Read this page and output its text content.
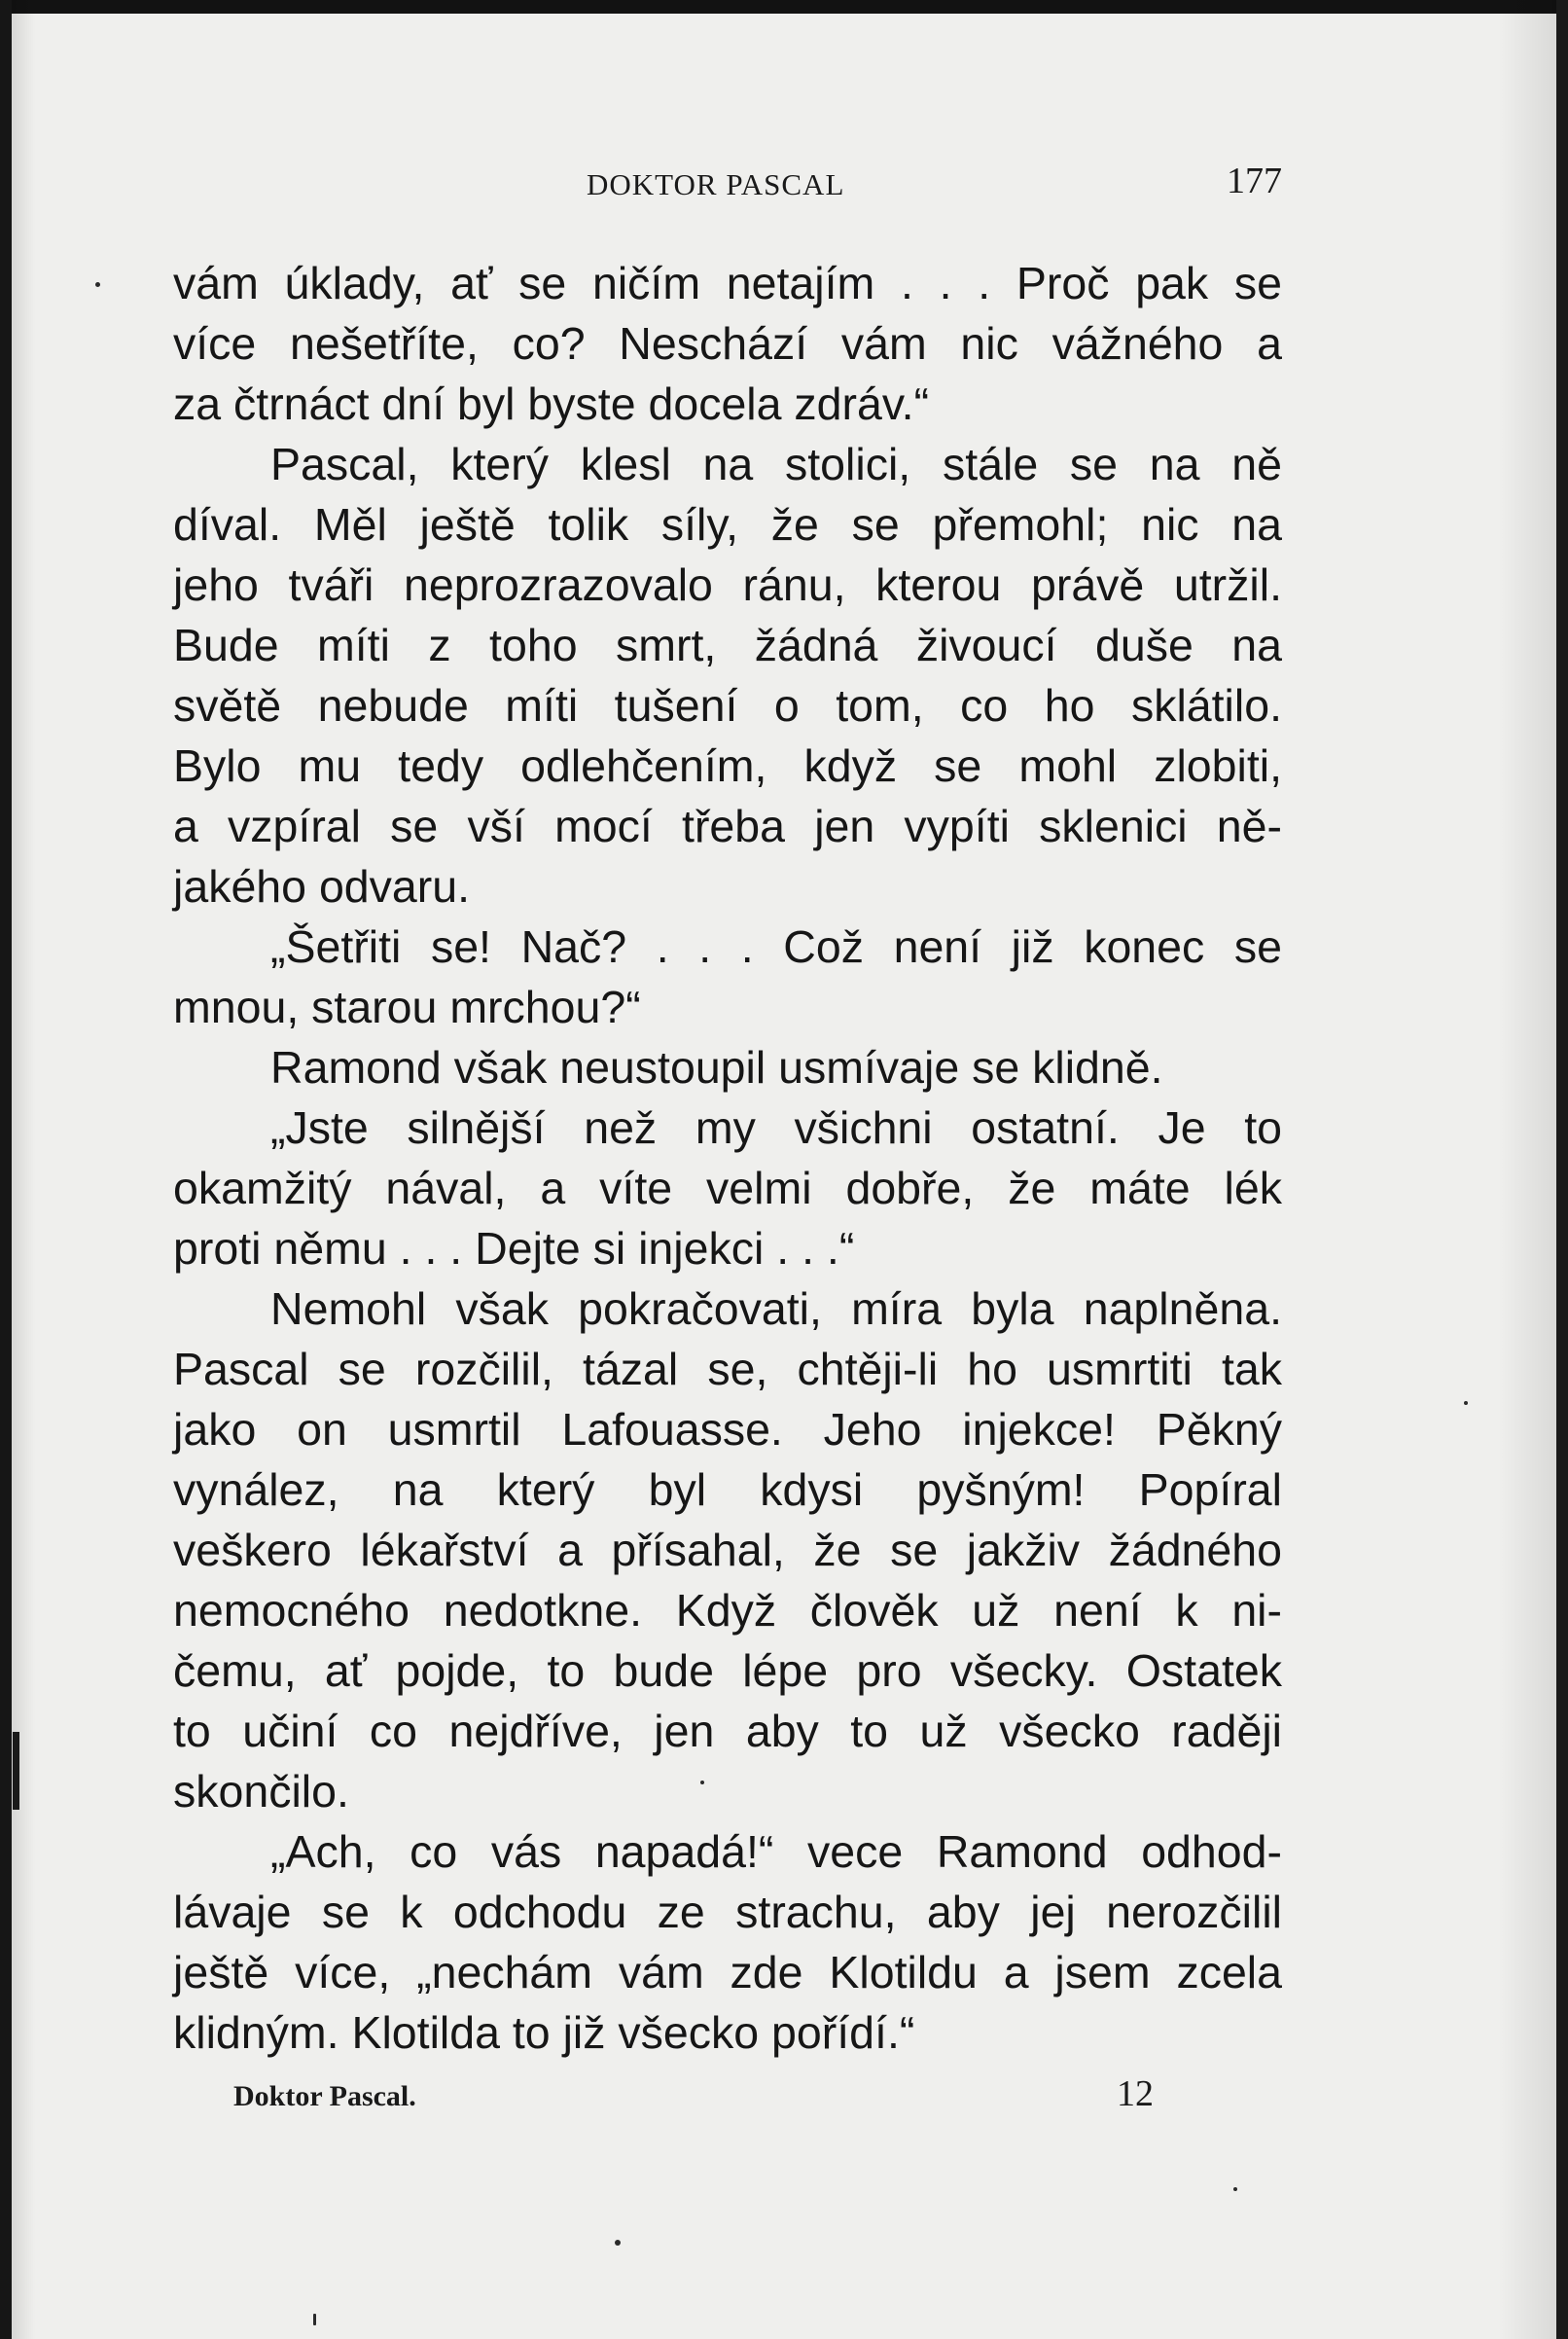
DOKTOR PASCAL	177
vám úklady, ať se ničím netajím . . . Proč pak se
více nešetříte, co? Neschází vám nic vážného a
za čtrnáct dní byl byste docela zdráv.“
Pascal, který klesl na stolici, stále se na ně
díval. Měl ještě tolik síly, že se přemohl; nic na
jeho tváři neprozrazovalo ránu, kterou právě utržil.
Bude míti z toho smrt, žádná živoucí duše na
světě nebude míti tušení o tom, co ho sklátilo.
Bylo mu tedy odlehčením, když se mohl zlobiti,
a vzpíral se vší mocí třeba jen vypíti sklenici ně-
jakého odvaru.
„Šetřiti se! Nač? . . . Což není již konec se
mnou, starou mrchou?“
Ramond však neustoupil usmívaje se klidně.
„Jste silnější než my všichni ostatní. Je to
okamžitý nával, a víte velmi dobře, že máte lék
proti němu . . . Dejte si injekci . . .“
Nemohl však pokračovati, míra byla naplněna.
Pascal se rozčilil, tázal se, chtěji-li ho usmrtiti tak
jako on usmrtil Lafouasse. Jeho injekce! Pěkný
vynález, na který byl kdysi pyšným! Popíral
veškero lékařství a přísahal, že se jakživ žádného
nemocného nedotkne. Když člověk už není k ni-
čemu, ať pojde, to bude lépe pro všecky. Ostatek
to učiní co nejdříve, jen aby to už všecko raději
skončilo.
„Ach, co vás napadá!“ vece Ramond odhod-
lávaje se k odchodu ze strachu, aby jej nerozčilil
ještě více, „nechám vám zde Klotildu a jsem zcela
klidným. Klotilda to již všecko pořídí.“
Doktor Pascal.	12
